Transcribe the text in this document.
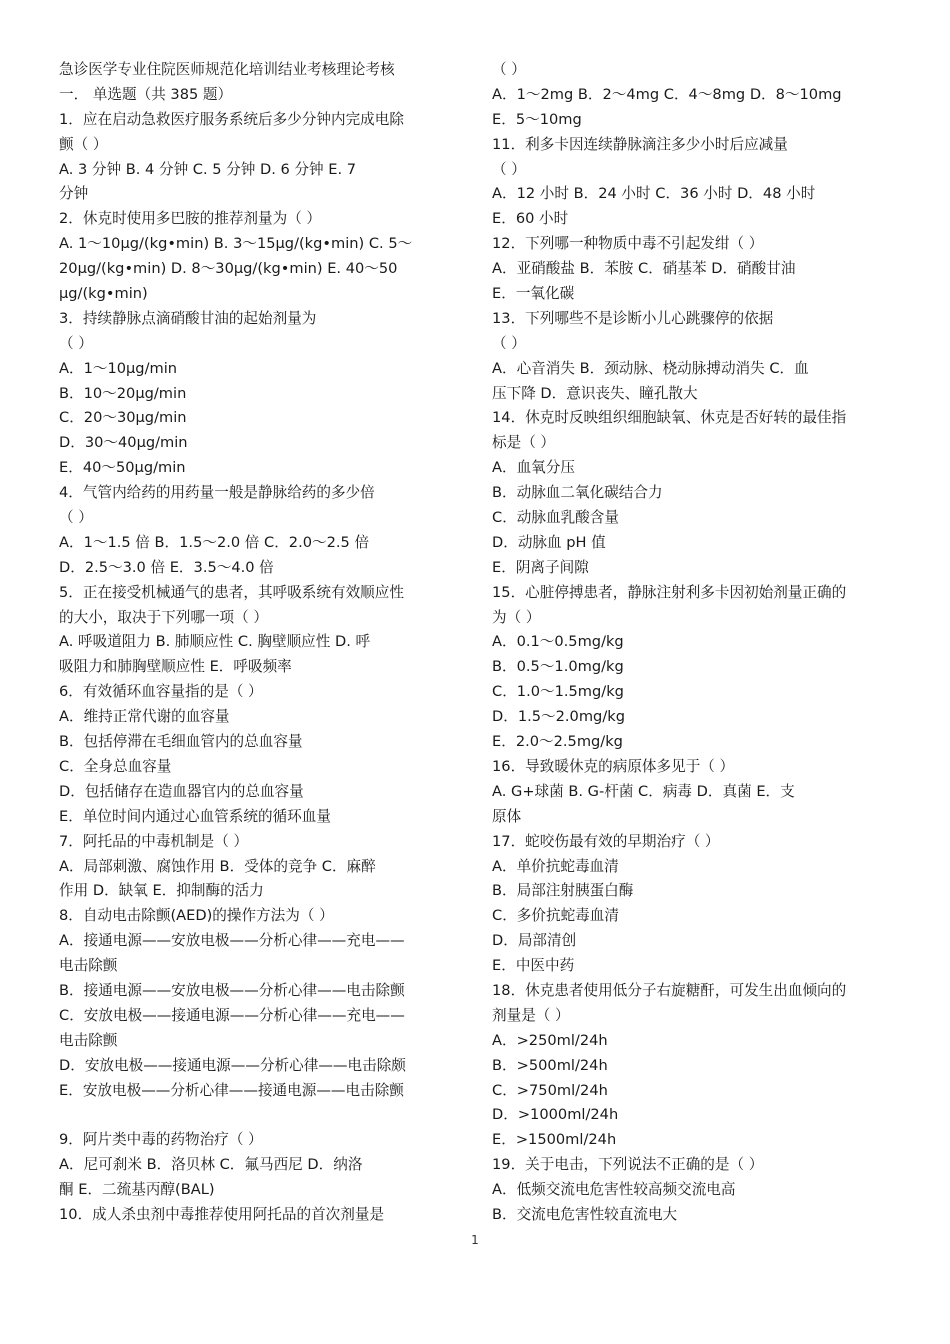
急诊医学专业住院医师规范化培训结业考核理论考核
一． 单选题（共 385 题）
1．应在启动急救医疗服务系统后多少分钟内完成电除
颤（ ）
A. 3 分钟 B. 4 分钟 C. 5 分钟 D. 6 分钟 E. 7
分钟
2．休克时使用多巴胺的推荐剂量为（ ）
A. 1～10μg/(kg•min) B. 3～15μg/(kg•min) C. 5～
20μg/(kg•min) D. 8～30μg/(kg•min) E. 40～50
μg/(kg•min)
3．持续静脉点滴硝酸甘油的起始剂量为
（ ）
A．1～10μg/min
B．10～20μg/min
C．20～30μg/min
D．30～40μg/min
E．40～50μg/min
4．气管内给药的用药量一般是静脉给药的多少倍
（ ）
A．1～1.5 倍 B．1.5～2.0 倍 C．2.0～2.5 倍
D．2.5～3.0 倍 E．3.5～4.0 倍
5．正在接受机械通气的患者，其呼吸系统有效顺应性
的大小，取决于下列哪一项（ ）
A. 呼吸道阻力 B. 肺顺应性 C. 胸壁顺应性 D. 呼
吸阻力和肺胸壁顺应性 E．呼吸频率
6．有效循环血容量指的是（ ）
A．维持正常代谢的血容量
B．包括停滞在毛细血管内的总血容量
C．全身总血容量
D．包括储存在造血器官内的总血容量
E．单位时间内通过心血管系统的循环血量
7．阿托品的中毒机制是（ ）
A．局部刺激、腐蚀作用 B．受体的竞争 C．麻醉
作用 D．缺氧 E．抑制酶的活力
8．自动电击除颤(AED)的操作方法为（ ）
A．接通电源——安放电极——分析心律——充电——
电击除颤
B．接通电源——安放电极——分析心律——电击除颤
C．安放电极——接通电源——分析心律——充电——
电击除颤
D．安放电极——接通电源——分析心律——电击除颇
E．安放电极——分析心律——接通电源——电击除颤
9．阿片类中毒的药物治疗（ ）
A．尼可刹米 B．洛贝林 C．氟马西尼 D．纳洛
酮 E．二巯基丙醇(BAL)
10．成人杀虫剂中毒推荐使用阿托品的首次剂量是
（ ）
A．1～2mg B．2～4mg C．4～8mg D．8～10mg
E．5～10mg
11．利多卡因连续静脉滴注多少小时后应减量
（ ）
A．12 小时 B．24 小时 C．36 小时 D．48 小时
E．60 小时
12．下列哪一种物质中毒不引起发绀（ ）
A．亚硝酸盐 B．苯胺 C．硝基苯 D．硝酸甘油
E．一氧化碳
13．下列哪些不是诊断小儿心跳骤停的依据
（ ）
A．心音消失 B．颈动脉、桡动脉搏动消失 C．血
压下降 D．意识丧失、瞳孔散大
14．休克时反映组织细胞缺氧、休克是否好转的最佳指
标是（ ）
A．血氧分压
B．动脉血二氧化碳结合力
C．动脉血乳酸含量
D．动脉血 pH 值
E．阴离子间隙
15．心脏停搏患者，静脉注射利多卡因初始剂量正确的
为（ ）
A．0.1～0.5mg/kg
B．0.5～1.0mg/kg
C．1.0～1.5mg/kg
D．1.5～2.0mg/kg
E．2.0～2.5mg/kg
16．导致暖休克的病原体多见于（ ）
A. G+球菌 B. G-杆菌 C．病毒 D．真菌 E．支
原体
17．蛇咬伤最有效的早期治疗（ ）
A．单价抗蛇毒血清
B．局部注射胰蛋白酶
C．多价抗蛇毒血清
D．局部清创
E．中医中药
18．休克患者使用低分子右旋糖酐，可发生出血倾向的
剂量是（ ）
A．>250ml/24h
B．>500ml/24h
C．>750ml/24h
D．>1000ml/24h
E．>1500ml/24h
19．关于电击，下列说法不正确的是（ ）
A．低频交流电危害性较高频交流电高
B．交流电危害性较直流电大
1
